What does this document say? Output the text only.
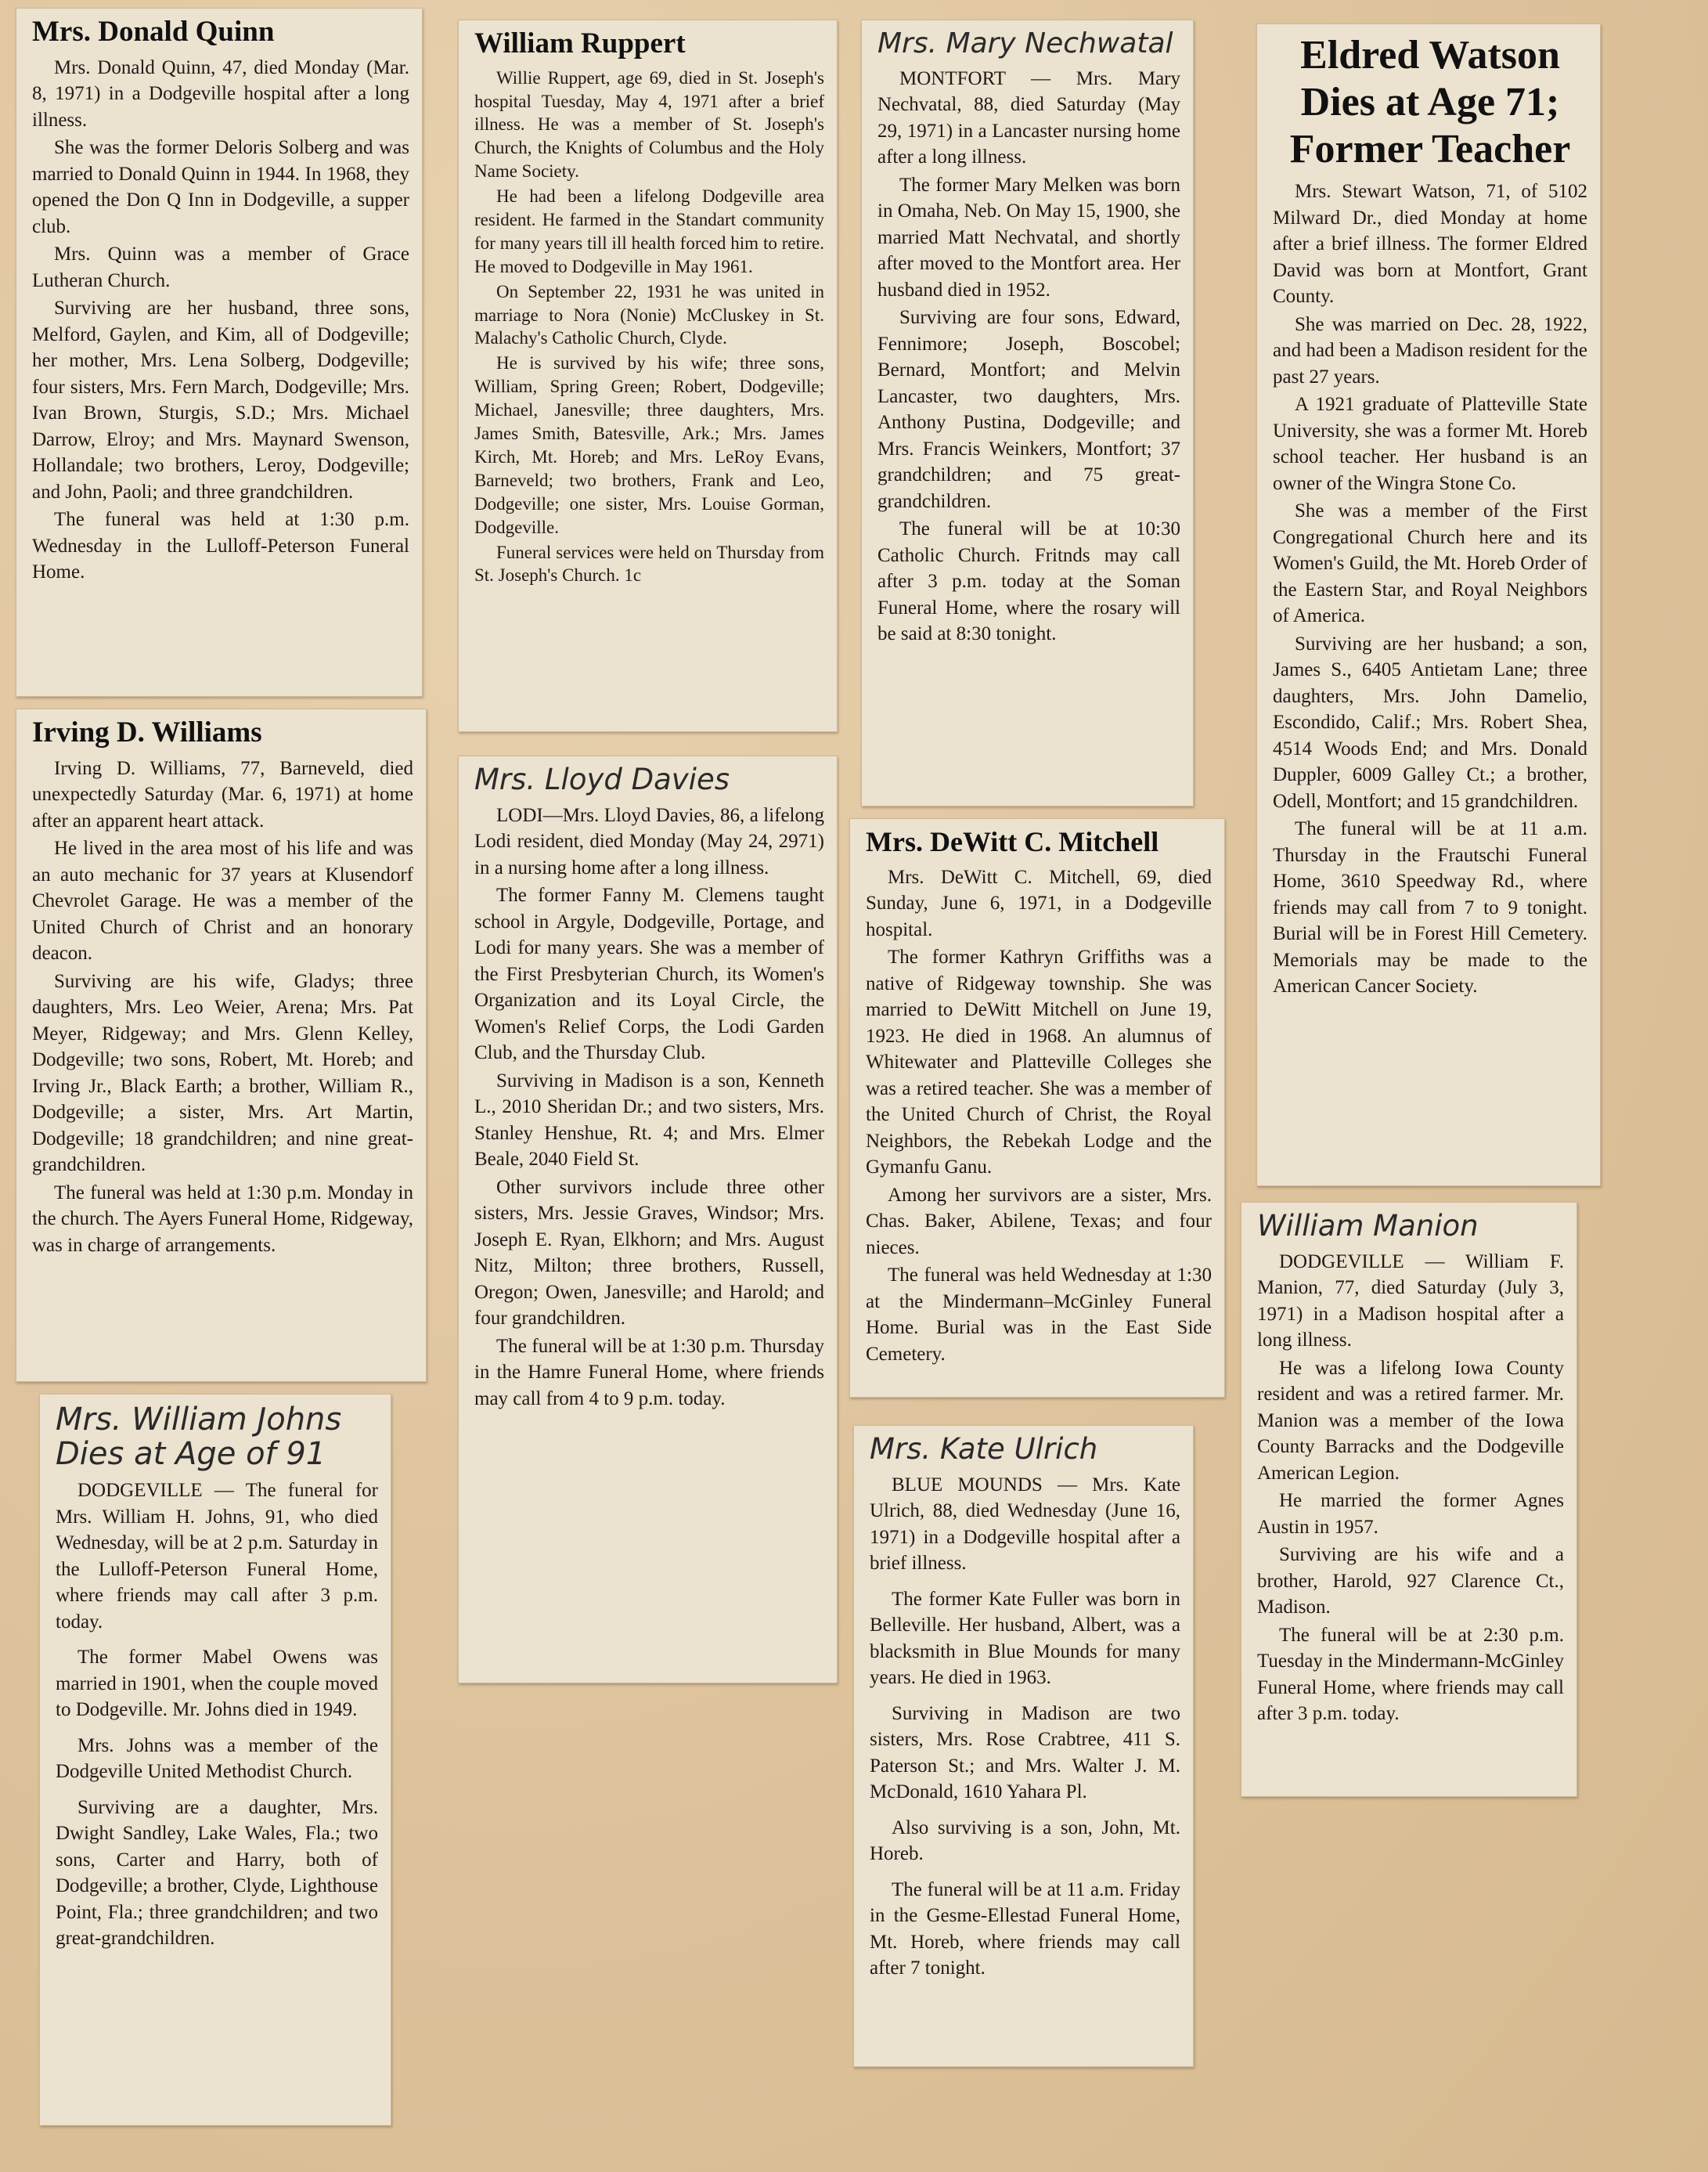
Mrs. Donald Quinn

Mrs. Donald Quinn, 47, died Monday (Mar. 8, 1971) in a Dodgeville hospital after a long illness.

She was the former Deloris Solberg and was married to Donald Quinn in 1944. In 1968, they opened the Don Q Inn in Dodgeville, a supper club.

Mrs. Quinn was a member of Grace Lutheran Church.

Surviving are her husband, three sons, Melford, Gaylen, and Kim, all of Dodgeville; her mother, Mrs. Lena Solberg, Dodgeville; four sisters, Mrs. Fern March, Dodgeville; Mrs. Ivan Brown, Sturgis, S.D.; Mrs. Michael Darrow, Elroy; and Mrs. Maynard Swenson, Hollandale; two brothers, Leroy, Dodgeville; and John, Paoli; and three grandchildren.

The funeral was held at 1:30 p.m. Wednesday in the Lulloff-Peterson Funeral Home.

Irving D. Williams

Irving D. Williams, 77, Barneveld, died unexpectedly Saturday (Mar. 6, 1971) at home after an apparent heart attack.

He lived in the area most of his life and was an auto mechanic for 37 years at Klusendorf Chevrolet Garage. He was a member of the United Church of Christ and an honorary deacon.

Surviving are his wife, Gladys; three daughters, Mrs. Leo Weier, Arena; Mrs. Pat Meyer, Ridgeway; and Mrs. Glenn Kelley, Dodgeville; two sons, Robert, Mt. Horeb; and Irving Jr., Black Earth; a brother, William R., Dodgeville; a sister, Mrs. Art Martin, Dodgeville; 18 grandchildren; and nine great-grandchildren.

The funeral was held at 1:30 p.m. Monday in the church. The Ayers Funeral Home, Ridgeway, was in charge of arrangements.

Mrs. William Johns
Dies at Age of 91

DODGEVILLE — The funeral for Mrs. William H. Johns, 91, who died Wednesday, will be at 2 p.m. Saturday in the Lulloff-Peterson Funeral Home, where friends may call after 3 p.m. today.

The former Mabel Owens was married in 1901, when the couple moved to Dodgeville. Mr. Johns died in 1949.

Mrs. Johns was a member of the Dodgeville United Methodist Church.

Surviving are a daughter, Mrs. Dwight Sandley, Lake Wales, Fla.; two sons, Carter and Harry, both of Dodgeville; a brother, Clyde, Lighthouse Point, Fla.; three grandchildren; and two great-grandchildren.

William Ruppert

Willie Ruppert, age 69, died in St. Joseph's hospital Tuesday, May 4, 1971 after a brief illness. He was a member of St. Joseph's Church, the Knights of Columbus and the Holy Name Society.

He had been a lifelong Dodgeville area resident. He farmed in the Standart community for many years till ill health forced him to retire. He moved to Dodgeville in May 1961.

On September 22, 1931 he was united in marriage to Nora (Nonie) McCluskey in St. Malachy's Catholic Church, Clyde.

He is survived by his wife; three sons, William, Spring Green; Robert, Dodgeville; Michael, Janesville; three daughters, Mrs. James Smith, Batesville, Ark.; Mrs. James Kirch, Mt. Horeb; and Mrs. LeRoy Evans, Barneveld; two brothers, Frank and Leo, Dodgeville; one sister, Mrs. Louise Gorman, Dodgeville.

Funeral services were held on Thursday from St. Joseph's Church. 1c

Mrs. Lloyd Davies

LODI—Mrs. Lloyd Davies, 86, a lifelong Lodi resident, died Monday (May 24, 2971) in a nursing home after a long illness.

The former Fanny M. Clemens taught school in Argyle, Dodgeville, Portage, and Lodi for many years. She was a member of the First Presbyterian Church, its Women's Organization and its Loyal Circle, the Women's Relief Corps, the Lodi Garden Club, and the Thursday Club.

Surviving in Madison is a son, Kenneth L., 2010 Sheridan Dr.; and two sisters, Mrs. Stanley Henshue, Rt. 4; and Mrs. Elmer Beale, 2040 Field St.

Other survivors include three other sisters, Mrs. Jessie Graves, Windsor; Mrs. Joseph E. Ryan, Elkhorn; and Mrs. August Nitz, Milton; three brothers, Russell, Oregon; Owen, Janesville; and Harold; and four grandchildren.

The funeral will be at 1:30 p.m. Thursday in the Hamre Funeral Home, where friends may call from 4 to 9 p.m. today.

Mrs. Mary Nechwatal

MONTFORT — Mrs. Mary Nechvatal, 88, died Saturday (May 29, 1971) in a Lancaster nursing home after a long illness.

The former Mary Melken was born in Omaha, Neb. On May 15, 1900, she married Matt Nechvatal, and shortly after moved to the Montfort area. Her husband died in 1952.

Surviving are four sons, Edward, Fennimore; Joseph, Boscobel; Bernard, Montfort; and Melvin Lancaster, two daughters, Mrs. Anthony Pustina, Dodgeville; and Mrs. Francis Weinkers, Montfort; 37 grandchildren; and 75 great-grandchildren.

The funeral will be at 10:30 Catholic Church. Fritnds may call after 3 p.m. today at the Soman Funeral Home, where the rosary will be said at 8:30 tonight.

Mrs. DeWitt C. Mitchell

Mrs. DeWitt C. Mitchell, 69, died Sunday, June 6, 1971, in a Dodgeville hospital.

The former Kathryn Griffiths was a native of Ridgeway township. She was married to DeWitt Mitchell on June 19, 1923. He died in 1968. An alumnus of Whitewater and Platteville Colleges she was a retired teacher. She was a member of the United Church of Christ, the Royal Neighbors, the Rebekah Lodge and the Gymanfu Ganu.

Among her survivors are a sister, Mrs. Chas. Baker, Abilene, Texas; and four nieces.

The funeral was held Wednesday at 1:30 at the Mindermann–McGinley Funeral Home. Burial was in the East Side Cemetery.

Mrs. Kate Ulrich

BLUE MOUNDS — Mrs. Kate Ulrich, 88, died Wednesday (June 16, 1971) in a Dodgeville hospital after a brief illness.

The former Kate Fuller was born in Belleville. Her husband, Albert, was a blacksmith in Blue Mounds for many years. He died in 1963.

Surviving in Madison are two sisters, Mrs. Rose Crabtree, 411 S. Paterson St.; and Mrs. Walter J. M. McDonald, 1610 Yahara Pl.

Also surviving is a son, John, Mt. Horeb.

The funeral will be at 11 a.m. Friday in the Gesme-Ellestad Funeral Home, Mt. Horeb, where friends may call after 7 tonight.

Eldred Watson
Dies at Age 71;
Former Teacher

Mrs. Stewart Watson, 71, of 5102 Milward Dr., died Monday at home after a brief illness. The former Eldred David was born at Montfort, Grant County.

She was married on Dec. 28, 1922, and had been a Madison resident for the past 27 years.

A 1921 graduate of Platteville State University, she was a former Mt. Horeb school teacher. Her husband is an owner of the Wingra Stone Co.

She was a member of the First Congregational Church here and its Women's Guild, the Mt. Horeb Order of the Eastern Star, and Royal Neighbors of America.

Surviving are her husband; a son, James S., 6405 Antietam Lane; three daughters, Mrs. John Damelio, Escondido, Calif.; Mrs. Robert Shea, 4514 Woods End; and Mrs. Donald Duppler, 6009 Galley Ct.; a brother, Odell, Montfort; and 15 grandchildren.

The funeral will be at 11 a.m. Thursday in the Frautschi Funeral Home, 3610 Speedway Rd., where friends may call from 7 to 9 tonight. Burial will be in Forest Hill Cemetery. Memorials may be made to the American Cancer Society.

William Manion

DODGEVILLE — William F. Manion, 77, died Saturday (July 3, 1971) in a Madison hospital after a long illness.

He was a lifelong Iowa County resident and was a retired farmer. Mr. Manion was a member of the Iowa County Barracks and the Dodgeville American Legion.

He married the former Agnes Austin in 1957.

Surviving are his wife and a brother, Harold, 927 Clarence Ct., Madison.

The funeral will be at 2:30 p.m. Tuesday in the Mindermann-McGinley Funeral Home, where friends may call after 3 p.m. today.
